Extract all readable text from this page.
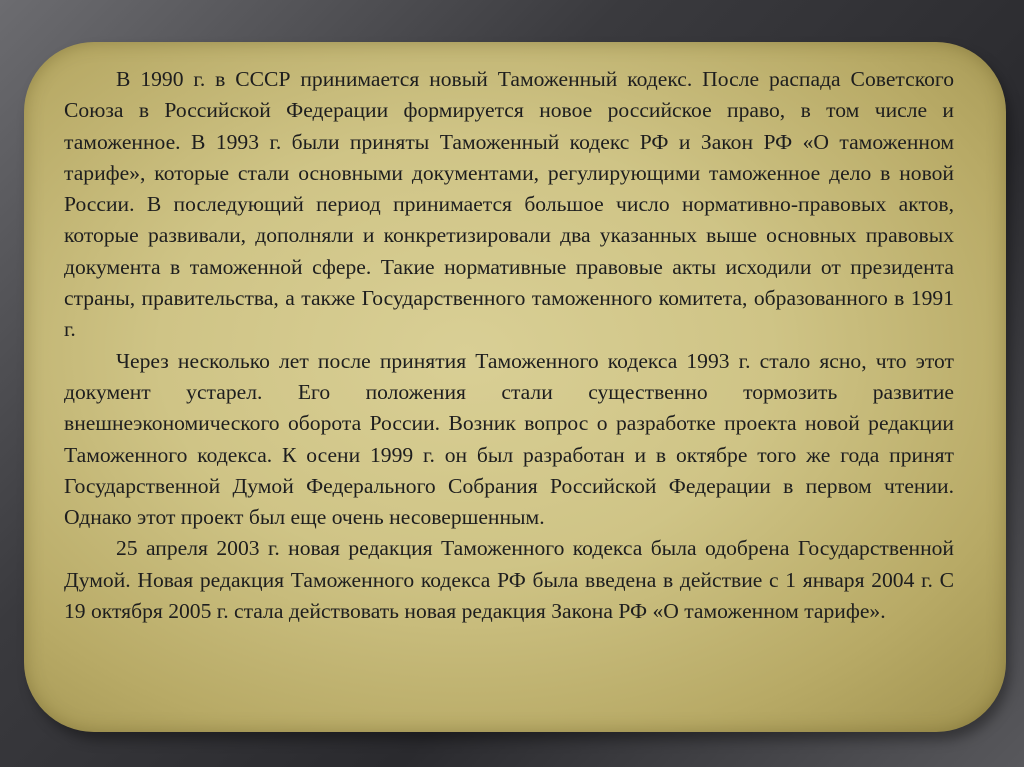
В 1990 г. в СССР принимается новый Таможенный кодекс. После распада Советского Союза в Российской Федерации формируется новое российское право, в том числе и таможенное. В 1993 г. были приняты Таможенный кодекс РФ и Закон РФ «О таможенном тарифе», которые стали основными документами, регулирующими таможенное дело в новой России. В последующий период принимается большое число нормативно-правовых актов, которые развивали, дополняли и конкретизировали два указанных выше основных правовых документа в таможенной сфере. Такие нормативные правовые акты исходили от президента страны, правительства, а также Государственного таможенного комитета, образованного в 1991 г.

Через несколько лет после принятия Таможенного кодекса 1993 г. стало ясно, что этот документ устарел. Его положения стали существенно тормозить развитие внешнеэкономического оборота России. Возник вопрос о разработке проекта новой редакции Таможенного кодекса. К осени 1999 г. он был разработан и в октябре того же года принят Государственной Думой Федерального Собрания Российской Федерации в первом чтении. Однако этот проект был еще очень несовершенным.

25 апреля 2003 г. новая редакция Таможенного кодекса была одобрена Государственной Думой. Новая редакция Таможенного кодекса РФ была введена в действие с 1 января 2004 г. С 19 октября 2005 г. стала действовать новая редакция Закона РФ «О таможенном тарифе».
